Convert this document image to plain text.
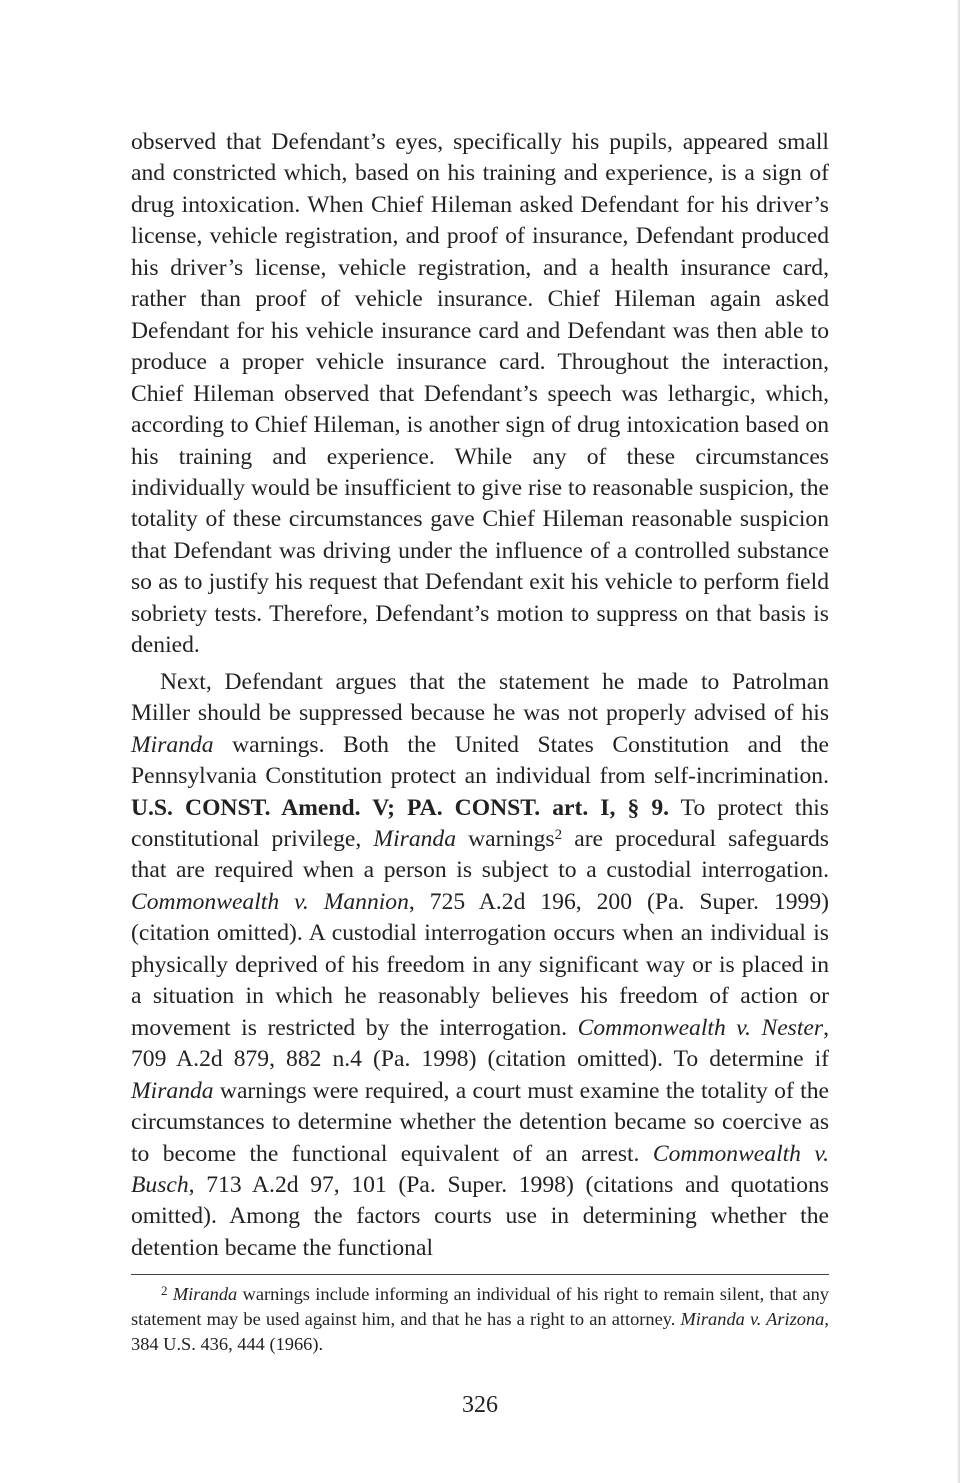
observed that Defendant’s eyes, specifically his pupils, appeared small and constricted which, based on his training and experience, is a sign of drug intoxication. When Chief Hileman asked Defendant for his driver’s license, vehicle registration, and proof of insurance, Defendant produced his driver’s license, vehicle registration, and a health insurance card, rather than proof of vehicle insurance. Chief Hileman again asked Defendant for his vehicle insurance card and Defendant was then able to produce a proper vehicle insurance card. Throughout the interaction, Chief Hileman observed that Defendant’s speech was lethargic, which, according to Chief Hileman, is another sign of drug intoxication based on his training and experience. While any of these circumstances individually would be insufficient to give rise to reasonable suspicion, the totality of these circumstances gave Chief Hileman reasonable suspicion that Defendant was driving under the influence of a controlled substance so as to justify his request that Defendant exit his vehicle to perform field sobriety tests. Therefore, Defendant’s motion to suppress on that basis is denied.

Next, Defendant argues that the statement he made to Patrolman Miller should be suppressed because he was not properly advised of his Miranda warnings. Both the United States Constitution and the Pennsylvania Constitution protect an individual from self-incrimination. U.S. CONST. Amend. V; PA. CONST. art. I, § 9. To protect this constitutional privilege, Miranda warnings$^2$ are procedural safeguards that are required when a person is subject to a custodial interrogation. Commonwealth v. Mannion, 725 A.2d 196, 200 (Pa. Super. 1999) (citation omitted). A custodial interrogation occurs when an individual is physically deprived of his freedom in any significant way or is placed in a situation in which he reasonably believes his freedom of action or movement is restricted by the interrogation. Commonwealth v. Nester, 709 A.2d 879, 882 n.4 (Pa. 1998) (citation omitted). To determine if Miranda warnings were required, a court must examine the totality of the circumstances to determine whether the detention became so coercive as to become the functional equivalent of an arrest. Commonwealth v. Busch, 713 A.2d 97, 101 (Pa. Super. 1998) (citations and quotations omitted). Among the factors courts use in determining whether the detention became the functional

$^2$ Miranda warnings include informing an individual of his right to remain silent, that any statement may be used against him, and that he has a right to an attorney. Miranda v. Arizona, 384 U.S. 436, 444 (1966).
326
